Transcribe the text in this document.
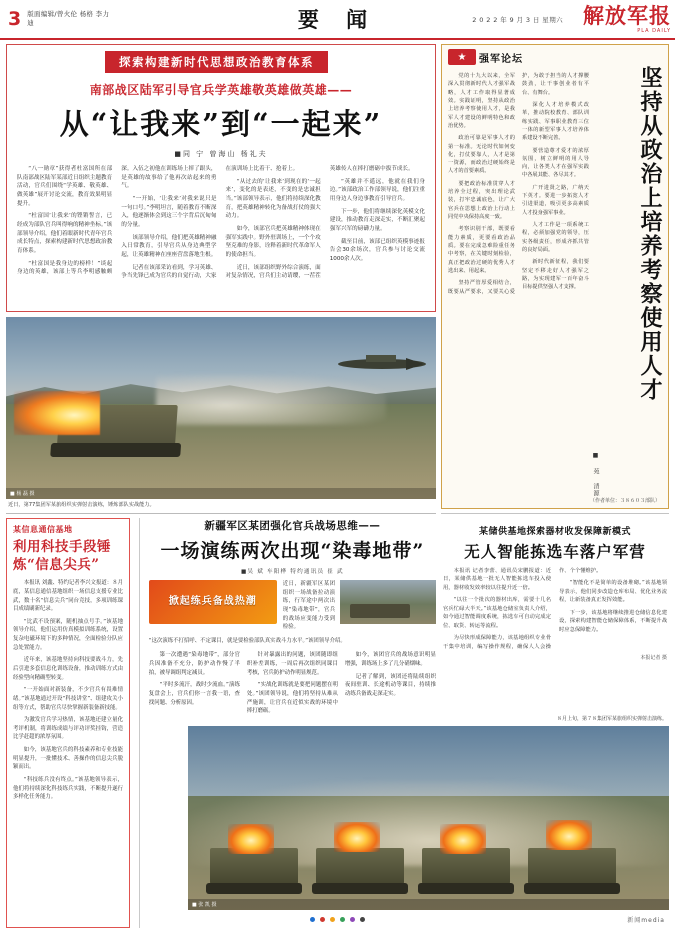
3 版面编辑/曾火伦 杨格 李力迪	要 闻	2 0 2 2 年 9 月 3 日 星期六 解放军报
PLA DAILY
探索构建新时代思想政治教育体系
南部战区陆军引导官兵学英雄敬英雄做英雄——
从“让我来”到“一起来”
■同 宁 曾海山 杨礼夫

“八一勋章”获得者杜富国所在部队南部战区陆军某部近日组织主题教育活动，官兵们围绕“学英雄、敬英雄、做英雄”展开讨论交流，教育效果明显提升。

“杜富国‘让我来’的铿锵誓言，已经成为部队官兵叫得响的精神坐标。”该部领导介绍，他们着眼新时代青年官兵成长特点，探索构建新时代思想政治教育体系。

“杜富国是我身边的榜样！”谈起身边的英雄，该部上等兵李明感触颇深。入伍之初他在训练场上摔了跟头，是英雄的故事给了他再次站起来的勇气。

“一开始，‘让我来’对我来说只是一句口号。”李明坦言，随着教育不断深入，他逐渐体会到这三个字背后沉甸甸的分量。

该部领导介绍，他们把英雄精神融入日常教育，引导官兵从身边典型学起，让英雄精神在座座营盘落地生根。

记者在该部采访看到，学习英雄、争当先锋已成为官兵的自觉行动，大家在演训场上比着干、抢着上。

“从过去的‘让我来’到现在的‘一起来’，变化的是表述，不变的是忠诚担当。”该部领导表示，他们将持续深化教育，把英雄精神转化为备战打仗的强大动力。

如今，该部官兵把英雄精神体现在强军实践中。野外驻训场上，一个个攻坚克难的身影，诠释着新时代革命军人的使命担当。

近日，该部组织野外综合演练，面对复杂情况，官兵们主动请缨，一茬茬英雄传人在摔打磨砺中拔节成长。

“英雄并不遥远，他就在我们身边。”该部政治工作部领导说，他们注重用身边人身边事教育引导官兵。

下一步，他们将继续深化英模文化建设，推动教育走深走实，不断汇聚起强军兴军的磅礴力量。

截至目前，该部已组织英模事迹报告会30余场次，官兵参与讨论交流1000余人次。

■ 杨 磊 摄
近日，第77集团军某旅组织实弹射击演练，锤炼部队实战能力。
某信息通信基地
利用科技手段锤炼“信息尖兵”

本报讯 刘鑫、特约记者李兴文报道：８月底，某信息通信基地组织一场信息支援专业比武，数十名“信息尖兵”同台竞技，多项训练课目成绩刷新纪录。

“比武不设预案，随机抽点号手。”该基地领导介绍，他们运用仿真模拟训练系统，设置复杂电磁环境下的多种情况，全面检验分队应急处置能力。

近年来，该基地坚持向科技要战斗力，先后引进多套信息化训练设备，推动训练方式由经验型向精确型转变。

“一开始面对新装备，不少官兵有畏难情绪。”该基地通过开设“科技讲堂”、组建攻关小组等方式，帮助官兵尽快掌握新装备新技能。

为激发官兵学习热情，该基地还建立量化考评机制，将训练成绩与评功评奖挂钩，营造比学赶超的浓厚氛围。

如今，该基地官兵的科技素养和专业技能明显提升，一批懂技术、善操作的信息尖兵脱颖而出。

“科技练兵没有终点。”该基地领导表示，他们将持续深化科技练兵实践，不断提升遂行多样化任务能力。

新疆军区某团强化官兵战场思维——
一场演练两次出现“染毒地带”
■吴 斌 车阳桦 特约通讯员 崔 武
掀起练兵备战热潮

近日，新疆军区某团组织一场战备拉动演练，行军途中两次出现“染毒地带”，官兵的战场应变能力受到检验。

“这次演练不打招呼、不定课目，就是要检验部队真实战斗力水平。”该团领导介绍。

第一次遭遇“染毒地带”，部分官兵因准备不充分，防护动作慢了半拍，被导调组判定减员。

“平时多流汗，战时少流血。”演练复盘会上，官兵们你一言我一语，查找问题、分析原因。

针对暴露出的问题，该团随即组织补差训练，一周后再次组织同课目考核，官兵防护动作明显规范。

“实战化训练就是要把问题摆在明处。”该团领导说，他们将坚持从难从严施训，让官兵在近似实战的环境中摔打磨砺。

如今，该团官兵的战场意识明显增强，训练场上多了几分硝烟味。

记者了解到，该团还将陆续组织夜间驻训、长途机动等课目，持续推动练兵备战走深走实。

★	强军论坛

党的十九大以来，全军深入贯彻新时代人才强军战略，人才工作取得显著成效。实践证明，坚持从政治上培养考察使用人才，是我军人才建设的鲜明特色和政治优势。

政治可靠是军事人才的第一标准。无论时代如何变化，打仗要靠人，人才是第一资源，而政治过硬始终是人才的首要素质。

要把政治标准贯穿人才培养全过程，突出理论武装，打牢忠诚底色，让广大官兵在思想上政治上行动上同党中央保持高度一致。

考察识别干部，既要看能力素质，更要看政治品质。要在完成急难险重任务中考察，在关键时刻检验，真正把政治过硬的优秀人才选出来、用起来。

坚持严管厚爱相结合，既要从严要求，又要关心爱护，为敢于担当的人才撑腰鼓劲，让干事创业者有平台、有舞台。

深化人才培养模式改革，推动院校教育、部队训练实践、军事职业教育三位一体的新型军事人才培养体系建设不断完善。

要营造尊才爱才的浓厚氛围，树立鲜明的用人导向，让各类人才在强军实践中各展其能、各尽其才。

广开进贤之路，广纳天下英才。要进一步拓宽人才引进渠道，吸引更多高素质人才投身强军事业。

人才工作是一项系统工程，必须加强党的领导，压实各级责任，形成齐抓共管的良好局面。

新时代新征程，我们要坚定不移走好人才强军之路，为实现建军一百年奋斗目标提供坚强人才支撑。

■ 苑 清源
坚持从政治上培养考察使用人才
（作者单位：３８６０３部队）
某储供基地探索器材收发保障新模式
无人智能拣选车落户军营

本报讯 记者李蕾、通讯员宋鹏报道：近日，某储供基地一批无人智能拣选车投入使用，器材收发效率较以往提升近一倍。

“以往一个批次的器材出库，需要十几名官兵忙碌大半天。”该基地仓储室负责人介绍，如今通过智能调度系统，拣选车可自动完成定位、取货、转运等流程。

为尽快形成保障能力，该基地组织专业骨干集中培训，编写操作规程，确保人人会操作、个个懂维护。

“智能化不是简单的设备堆砌。”该基地领导表示，他们同步改造仓库布局、优化业务流程，让新装备真正发挥效能。

下一步，该基地将继续推进仓储信息化建设，探索构建智能仓储保障体系，不断提升战时应急保障能力。

本报记者 摄
８月上旬，第７８集团军某旅组织实弹射击演练。
■ 张 凯 摄
新闻media
